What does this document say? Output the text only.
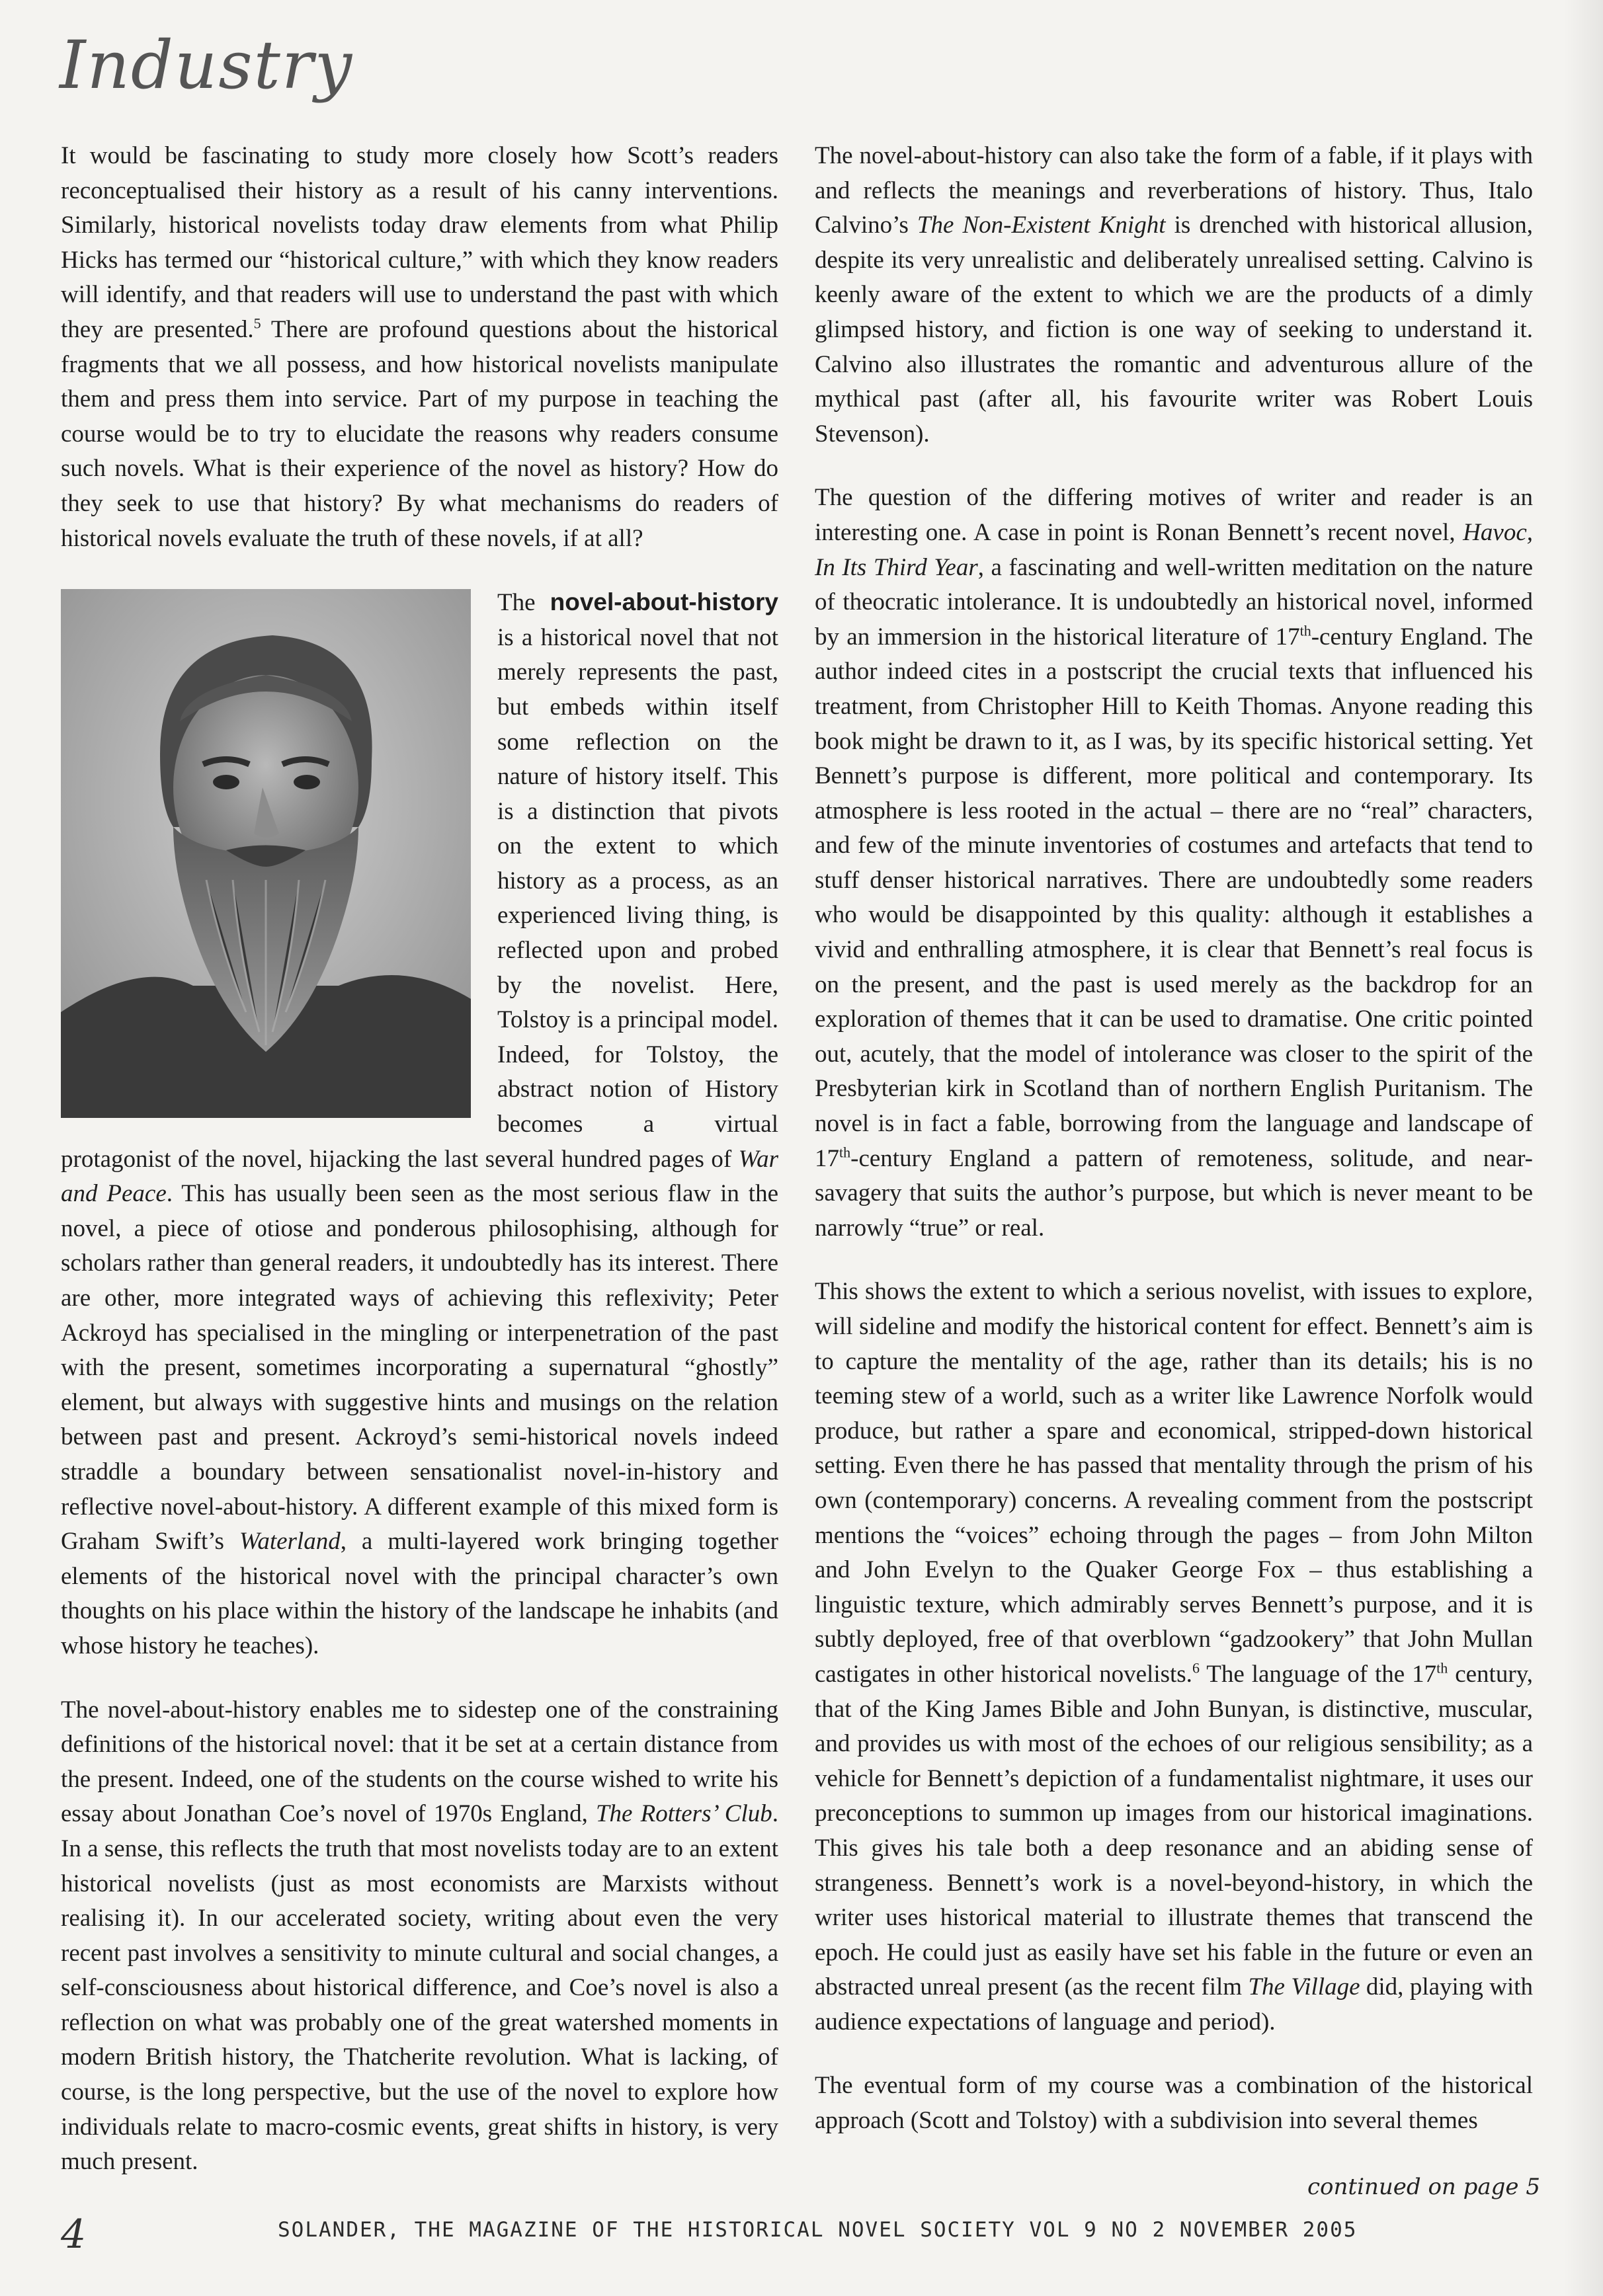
Industry

It would be fascinating to study more closely how Scott’s readers reconceptualised their history as a result of his canny interventions. Similarly, historical novelists today draw elements from what Philip Hicks has termed our “historical culture,” with which they know readers will identify, and that readers will use to understand the past with which they are presented.$^5$ There are profound questions about the historical fragments that we all possess, and how historical novelists manipulate them and press them into service. Part of my purpose in teaching the course would be to try to elucidate the reasons why readers consume such novels. What is their experience of the novel as history? How do they seek to use that history? By what mechanisms do readers of historical novels evaluate the truth of these novels, if at all?

The novel-about-history is a historical novel that not merely represents the past, but embeds within itself some reflection on the nature of history itself. This is a distinction that pivots on the extent to which history as a process, as an experienced living thing, is reflected upon and probed by the novelist. Here, Tolstoy is a principal model. Indeed, for Tolstoy, the abstract notion of History becomes a virtual protagonist of the novel, hijacking the last several hundred pages of War and Peace. This has usually been seen as the most serious flaw in the novel, a piece of otiose and ponderous philosophising, although for scholars rather than general readers, it undoubtedly has its interest. There are other, more integrated ways of achieving this reflexivity; Peter Ackroyd has specialised in the mingling or interpenetration of the past with the present, sometimes incorporating a supernatural “ghostly” element, but always with suggestive hints and musings on the relation between past and present. Ackroyd’s semi-historical novels indeed straddle a boundary between sensationalist novel-in-history and reflective novel-about-history. A different example of this mixed form is Graham Swift’s Waterland, a multi-layered work bringing together elements of the historical novel with the principal character’s own thoughts on his place within the history of the landscape he inhabits (and whose history he teaches).

The novel-about-history enables me to sidestep one of the constraining definitions of the historical novel: that it be set at a certain distance from the present. Indeed, one of the students on the course wished to write his essay about Jonathan Coe’s novel of 1970s England, The Rotters’ Club. In a sense, this reflects the truth that most novelists today are to an extent historical novelists (just as most economists are Marxists without realising it). In our accelerated society, writing about even the very recent past involves a sensitivity to minute cultural and social changes, a self-consciousness about historical difference, and Coe’s novel is also a reflection on what was probably one of the great watershed moments in modern British history, the Thatcherite revolution. What is lacking, of course, is the long perspective, but the use of the novel to explore how individuals relate to macro-cosmic events, great shifts in history, is very much present.

The novel-about-history can also take the form of a fable, if it plays with and reflects the meanings and reverberations of history. Thus, Italo Calvino’s The Non-Existent Knight is drenched with historical allusion, despite its very unrealistic and deliberately unrealised setting. Calvino is keenly aware of the extent to which we are the products of a dimly glimpsed history, and fiction is one way of seeking to understand it. Calvino also illustrates the romantic and adventurous allure of the mythical past (after all, his favourite writer was Robert Louis Stevenson).

The question of the differing motives of writer and reader is an interesting one. A case in point is Ronan Bennett’s recent novel, Havoc, In Its Third Year, a fascinating and well-written meditation on the nature of theocratic intolerance. It is undoubtedly an historical novel, informed by an immersion in the historical literature of 17th-century England. The author indeed cites in a postscript the crucial texts that influenced his treatment, from Christopher Hill to Keith Thomas. Anyone reading this book might be drawn to it, as I was, by its specific historical setting. Yet Bennett’s purpose is different, more political and contemporary. Its atmosphere is less rooted in the actual – there are no “real” characters, and few of the minute inventories of costumes and artefacts that tend to stuff denser historical narratives. There are undoubtedly some readers who would be disappointed by this quality: although it establishes a vivid and enthralling atmosphere, it is clear that Bennett’s real focus is on the present, and the past is used merely as the backdrop for an exploration of themes that it can be used to dramatise. One critic pointed out, acutely, that the model of intolerance was closer to the spirit of the Presbyterian kirk in Scotland than of northern English Puritanism. The novel is in fact a fable, borrowing from the language and landscape of 17th-century England a pattern of remoteness, solitude, and near-savagery that suits the author’s purpose, but which is never meant to be narrowly “true” or real.

This shows the extent to which a serious novelist, with issues to explore, will sideline and modify the historical content for effect. Bennett’s aim is to capture the mentality of the age, rather than its details; his is no teeming stew of a world, such as a writer like Lawrence Norfolk would produce, but rather a spare and economical, stripped-down historical setting. Even there he has passed that mentality through the prism of his own (contemporary) concerns. A revealing comment from the postscript mentions the “voices” echoing through the pages – from John Milton and John Evelyn to the Quaker George Fox – thus establishing a linguistic texture, which admirably serves Bennett’s purpose, and it is subtly deployed, free of that overblown “gadzookery” that John Mullan castigates in other historical novelists.$^6$ The language of the 17th century, that of the King James Bible and John Bunyan, is distinctive, muscular, and provides us with most of the echoes of our religious sensibility; as a vehicle for Bennett’s depiction of a fundamentalist nightmare, it uses our preconceptions to summon up images from our historical imaginations. This gives his tale both a deep resonance and an abiding sense of strangeness. Bennett’s work is a novel-beyond-history, in which the writer uses historical material to illustrate themes that transcend the epoch. He could just as easily have set his fable in the future or even an abstracted unreal present (as the recent film The Village did, playing with audience expectations of language and period).

The eventual form of my course was a combination of the historical approach (Scott and Tolstoy) with a subdivision into several themes

continued on page 5
4	SOLANDER, THE MAGAZINE OF THE HISTORICAL NOVEL SOCIETY VOL 9 NO 2 NOVEMBER 2005
